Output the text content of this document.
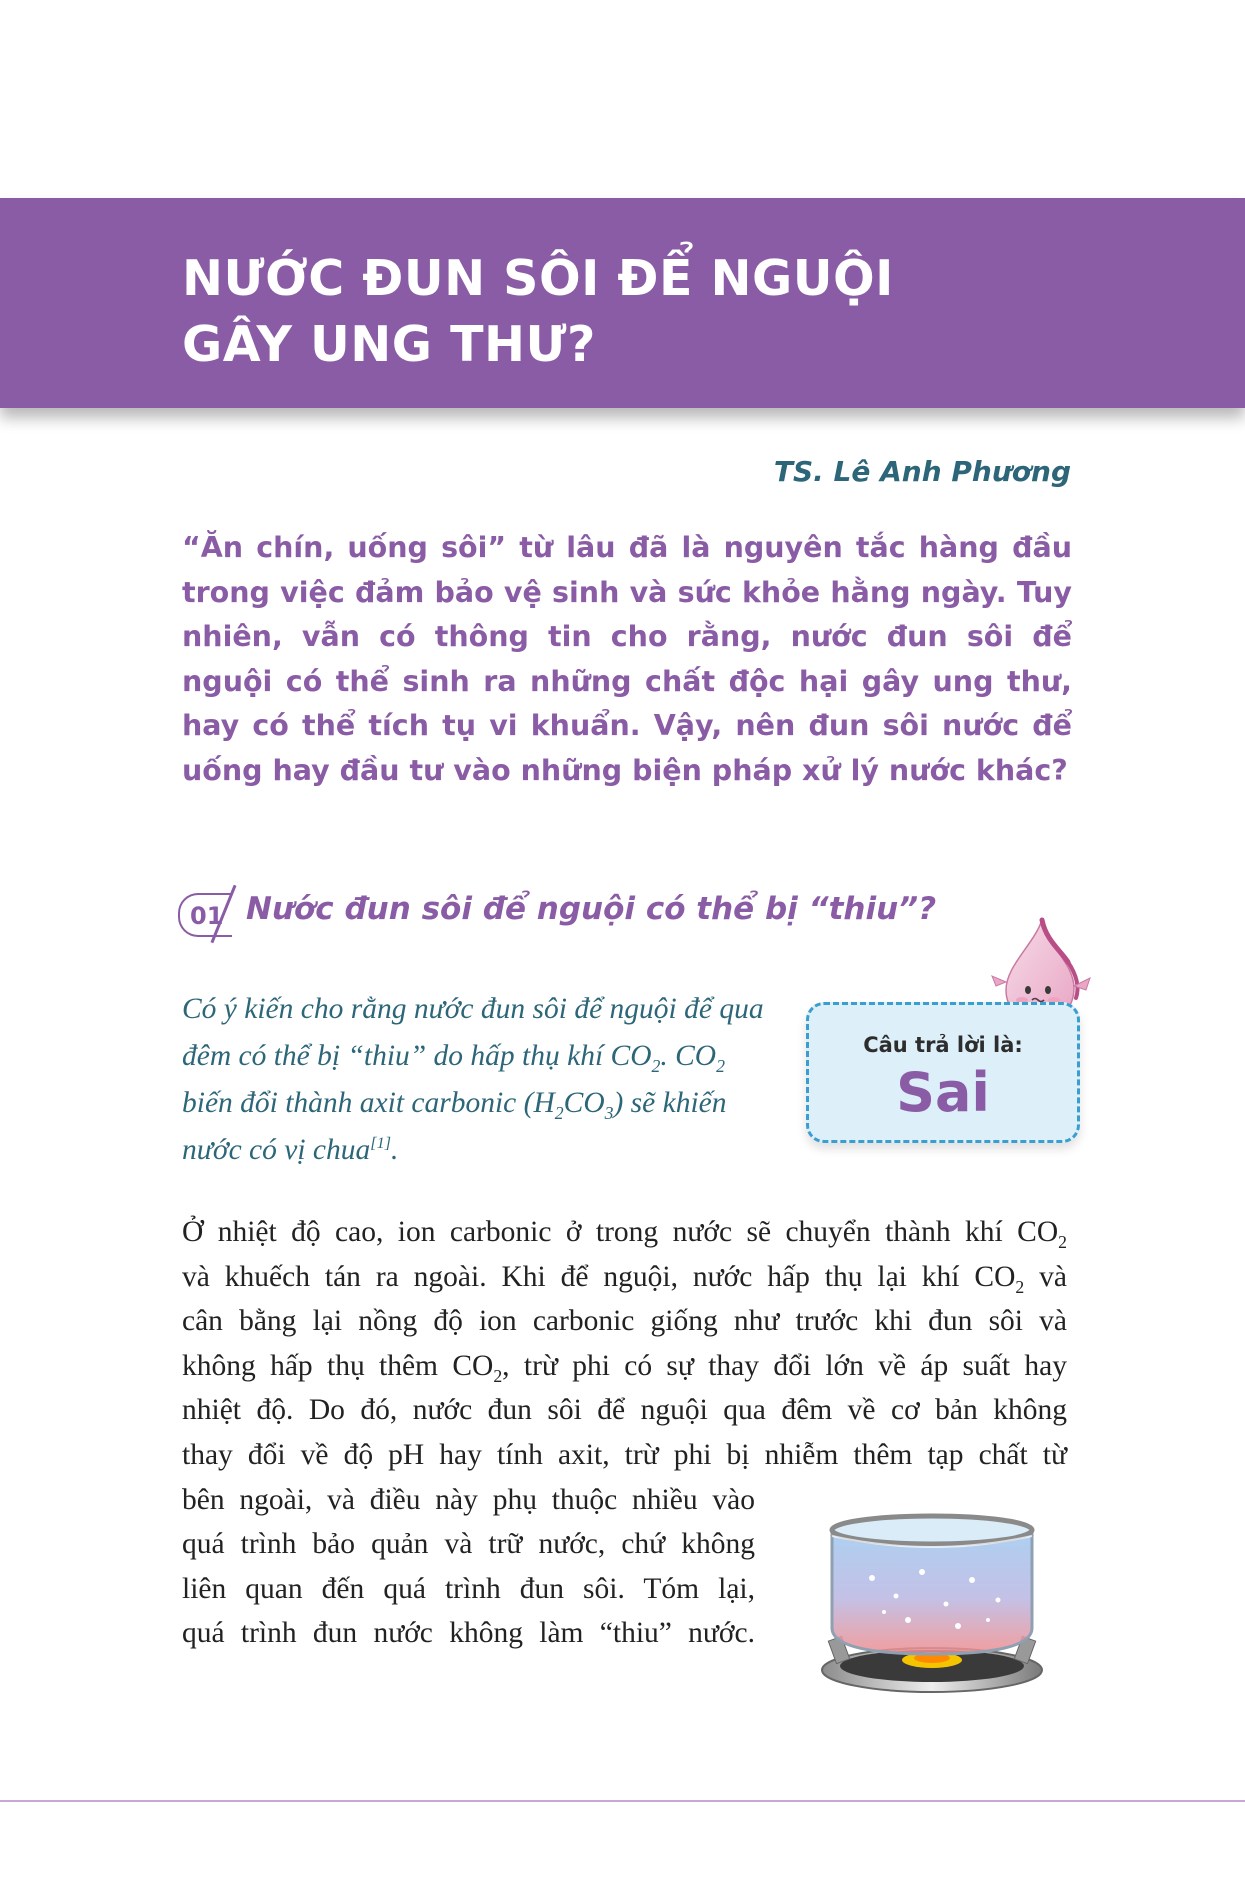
NƯỚC ĐUN SÔI ĐỂ NGUỘI
GÂY UNG THƯ?

TS. Lê Anh Phương

“Ăn chín, uống sôi” từ lâu đã là nguyên tắc hàng đầu trong việc đảm bảo vệ sinh và sức khỏe hằng ngày. Tuy nhiên, vẫn có thông tin cho rằng, nước đun sôi để nguội có thể sinh ra những chất độc hại gây ung thư, hay có thể tích tụ vi khuẩn. Vậy, nên đun sôi nước để uống hay đầu tư vào những biện pháp xử lý nước khác?

01 Nước đun sôi để nguội có thể bị “thiu”?

Có ý kiến cho rằng nước đun sôi để nguội để qua đêm có thể bị “thiu” do hấp thụ khí $CO_2$. $CO_2$ biến đổi thành axit carbonic $(H_2CO_3)$ sẽ khiến nước có vị chua[1].

Câu trả lời là:
Sai
Ở nhiệt độ cao, ion carbonic ở trong nước sẽ chuyển thành khí $CO_2$
và khuếch tán ra ngoài. Khi để nguội, nước hấp thụ lại khí $CO_2$ và
cân bằng lại nồng độ ion carbonic giống như trước khi đun sôi và
không hấp thụ thêm $CO_2$, trừ phi có sự thay đổi lớn về áp suất hay
nhiệt độ. Do đó, nước đun sôi để nguội qua đêm về cơ bản không
thay đổi về độ pH hay tính axit, trừ phi bị nhiễm thêm tạp chất từ
bên ngoài, và điều này phụ thuộc nhiều vào
quá trình bảo quản và trữ nước, chứ không
liên quan đến quá trình đun sôi. Tóm lại,
quá trình đun nước không làm “thiu” nước.
